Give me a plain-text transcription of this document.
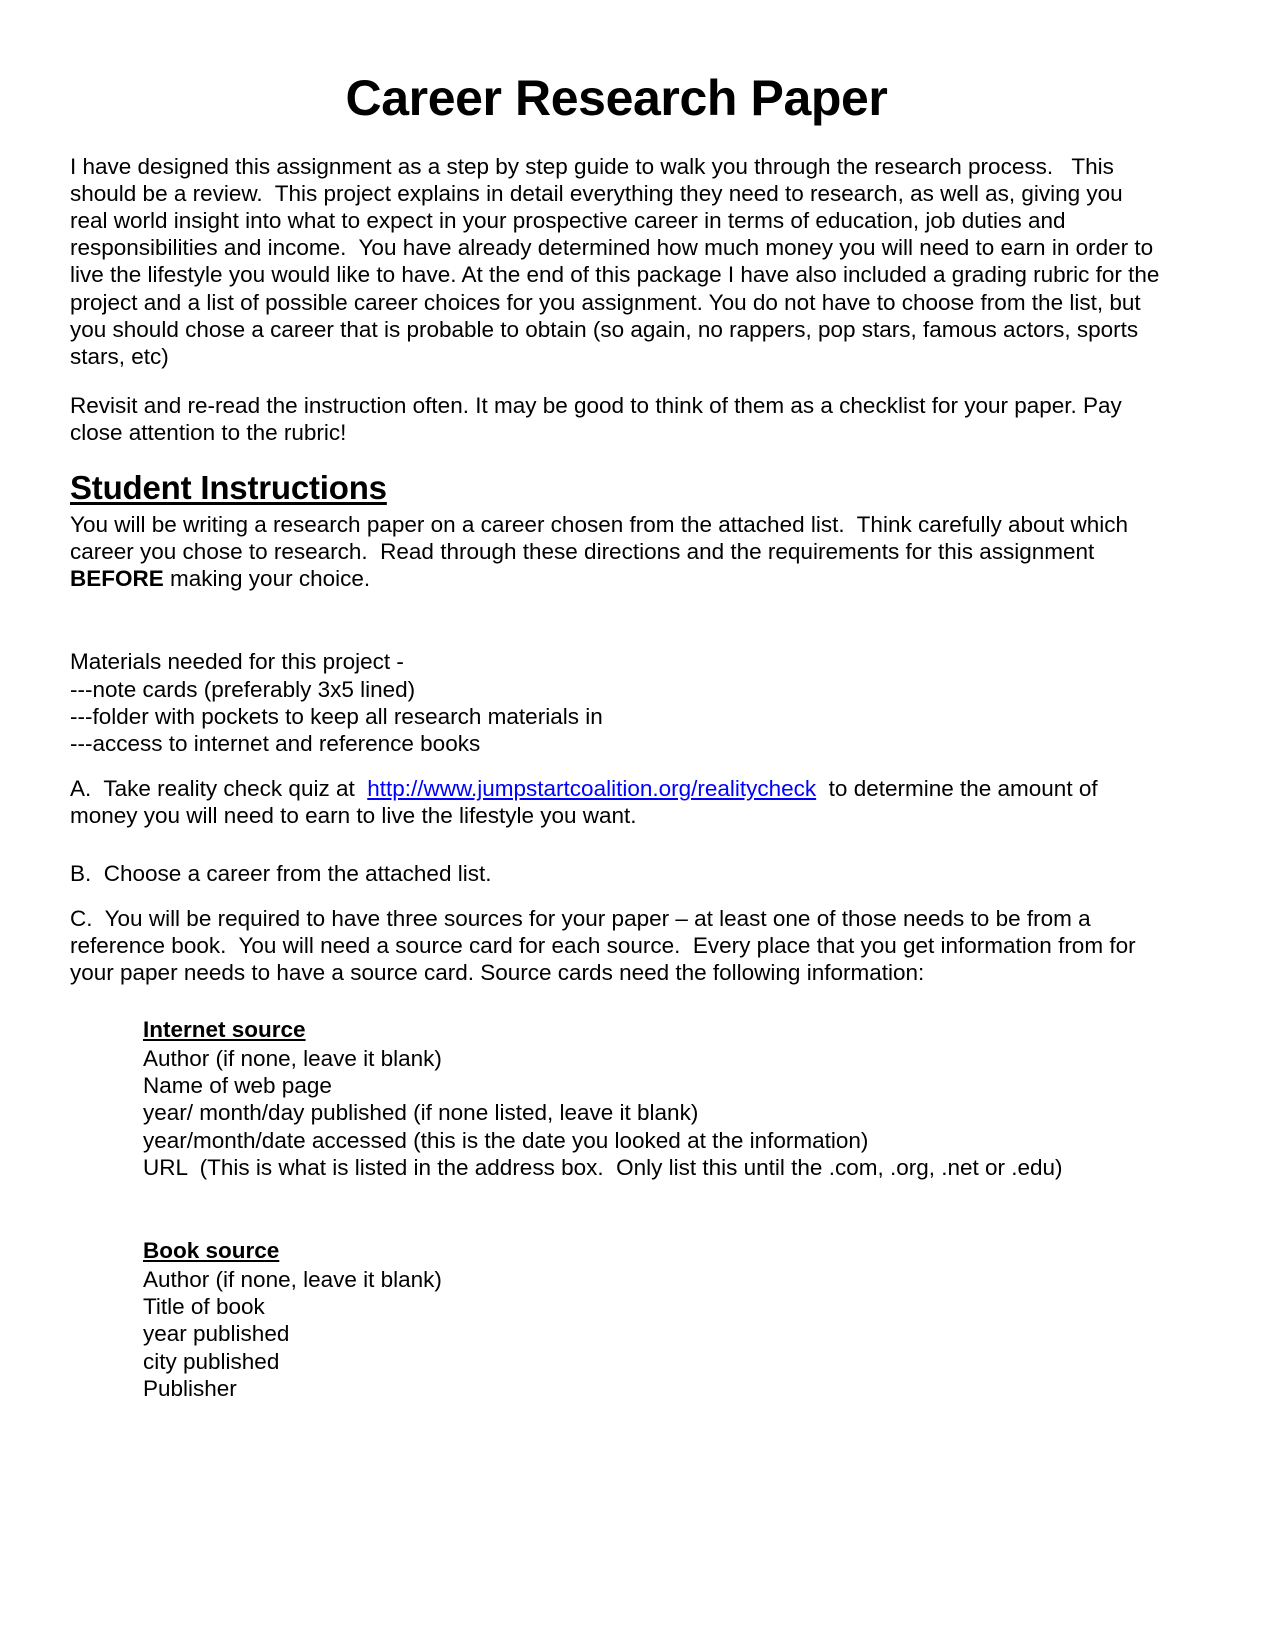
Career Research Paper

I have designed this assignment as a step by step guide to walk you through the research process.   This should be a review.  This project explains in detail everything they need to research, as well as, giving you real world insight into what to expect in your prospective career in terms of education, job duties and responsibilities and income.  You have already determined how much money you will need to earn in order to live the lifestyle you would like to have. At the end of this package I have also included a grading rubric for the project and a list of possible career choices for you assignment. You do not have to choose from the list, but you should chose a career that is probable to obtain (so again, no rappers, pop stars, famous actors, sports stars, etc)

Revisit and re-read the instruction often. It may be good to think of them as a checklist for your paper. Pay close attention to the rubric!

Student Instructions

You will be writing a research paper on a career chosen from the attached list.  Think carefully about which career you chose to research.  Read through these directions and the requirements for this assignment BEFORE making your choice.

Materials needed for this project -
---note cards (preferably 3x5 lined)
---folder with pockets to keep all research materials in
---access to internet and reference books

A.  Take reality check quiz at  http://www.jumpstartcoalition.org/realitycheck  to determine the amount of money you will need to earn to live the lifestyle you want.

B.  Choose a career from the attached list.

C.  You will be required to have three sources for your paper – at least one of those needs to be from a reference book.  You will need a source card for each source.  Every place that you get information from for your paper needs to have a source card. Source cards need the following information:

Internet source
Author (if none, leave it blank)
Name of web page
year/ month/day published (if none listed, leave it blank)
year/month/date accessed (this is the date you looked at the information)
URL  (This is what is listed in the address box.  Only list this until the .com, .org, .net or .edu)
Book source
Author (if none, leave it blank)
Title of book
year published
city published
Publisher
